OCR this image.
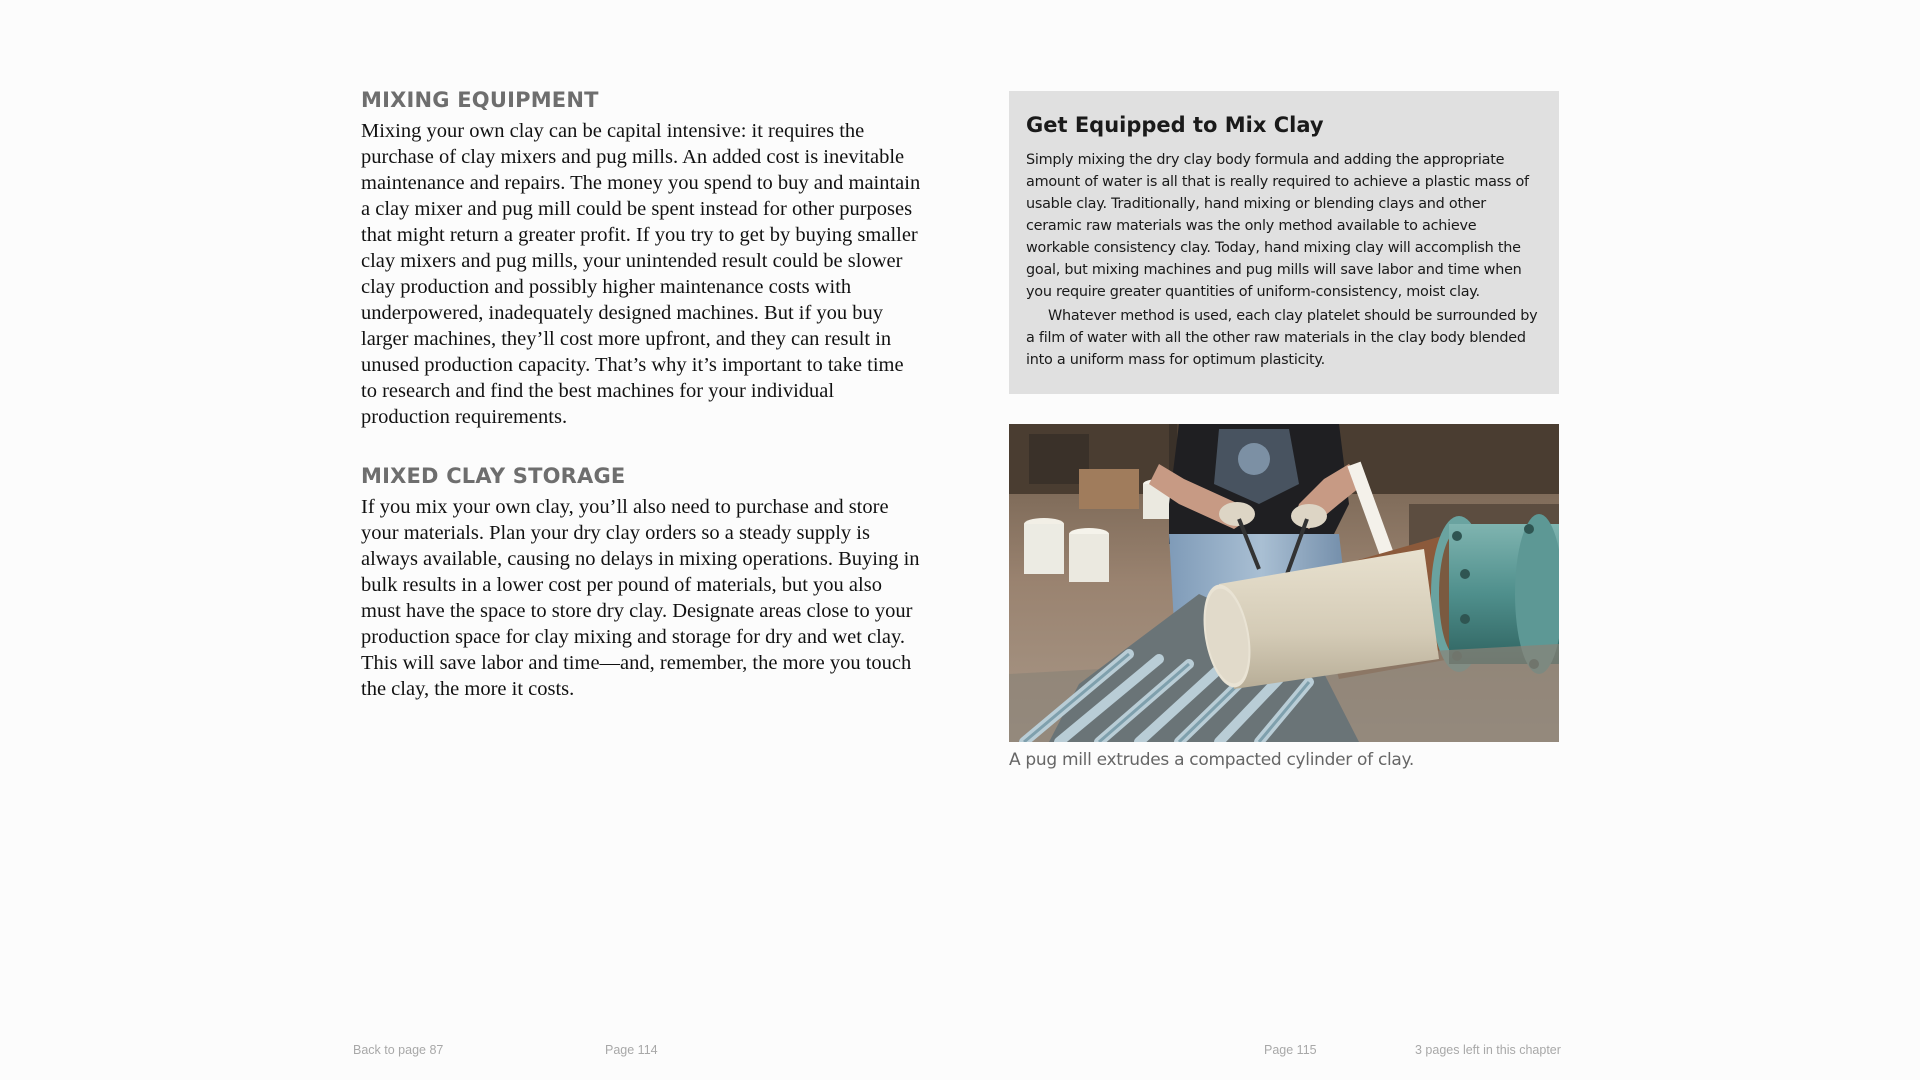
MIXING EQUIPMENT

Mixing your own clay can be capital intensive: it requires the purchase of clay mixers and pug mills. An added cost is inevitable maintenance and repairs. The money you spend to buy and maintain a clay mixer and pug mill could be spent instead for other purposes that might return a greater profit. If you try to get by buying smaller clay mixers and pug mills, your unintended result could be slower clay production and possibly higher maintenance costs with underpowered, inadequately designed machines. But if you buy larger machines, they’ll cost more upfront, and they can result in unused production capacity. That’s why it’s important to take time to research and find the best machines for your individual production requirements.

MIXED CLAY STORAGE

If you mix your own clay, you’ll also need to purchase and store your materials. Plan your dry clay orders so a steady supply is always available, causing no delays in mixing operations. Buying in bulk results in a lower cost per pound of materials, but you also must have the space to store dry clay. Designate areas close to your production space for clay mixing and storage for dry and wet clay. This will save labor and time—and, remember, the more you touch the clay, the more it costs.

Get Equipped to Mix Clay

Simply mixing the dry clay body formula and adding the appropriate amount of water is all that is really required to achieve a plastic mass of usable clay. Traditionally, hand mixing or blending clays and other ceramic raw materials was the only method available to achieve workable consistency clay. Today, hand mixing clay will accomplish the goal, but mixing machines and pug mills will save labor and time when you require greater quantities of uniform-consistency, moist clay.

Whatever method is used, each clay platelet should be surrounded by a film of water with all the other raw materials in the clay body blended into a uniform mass for optimum plasticity.

A pug mill extrudes a compacted cylinder of clay.
Back to page 87	Page 114	Page 115	3 pages left in this chapter
